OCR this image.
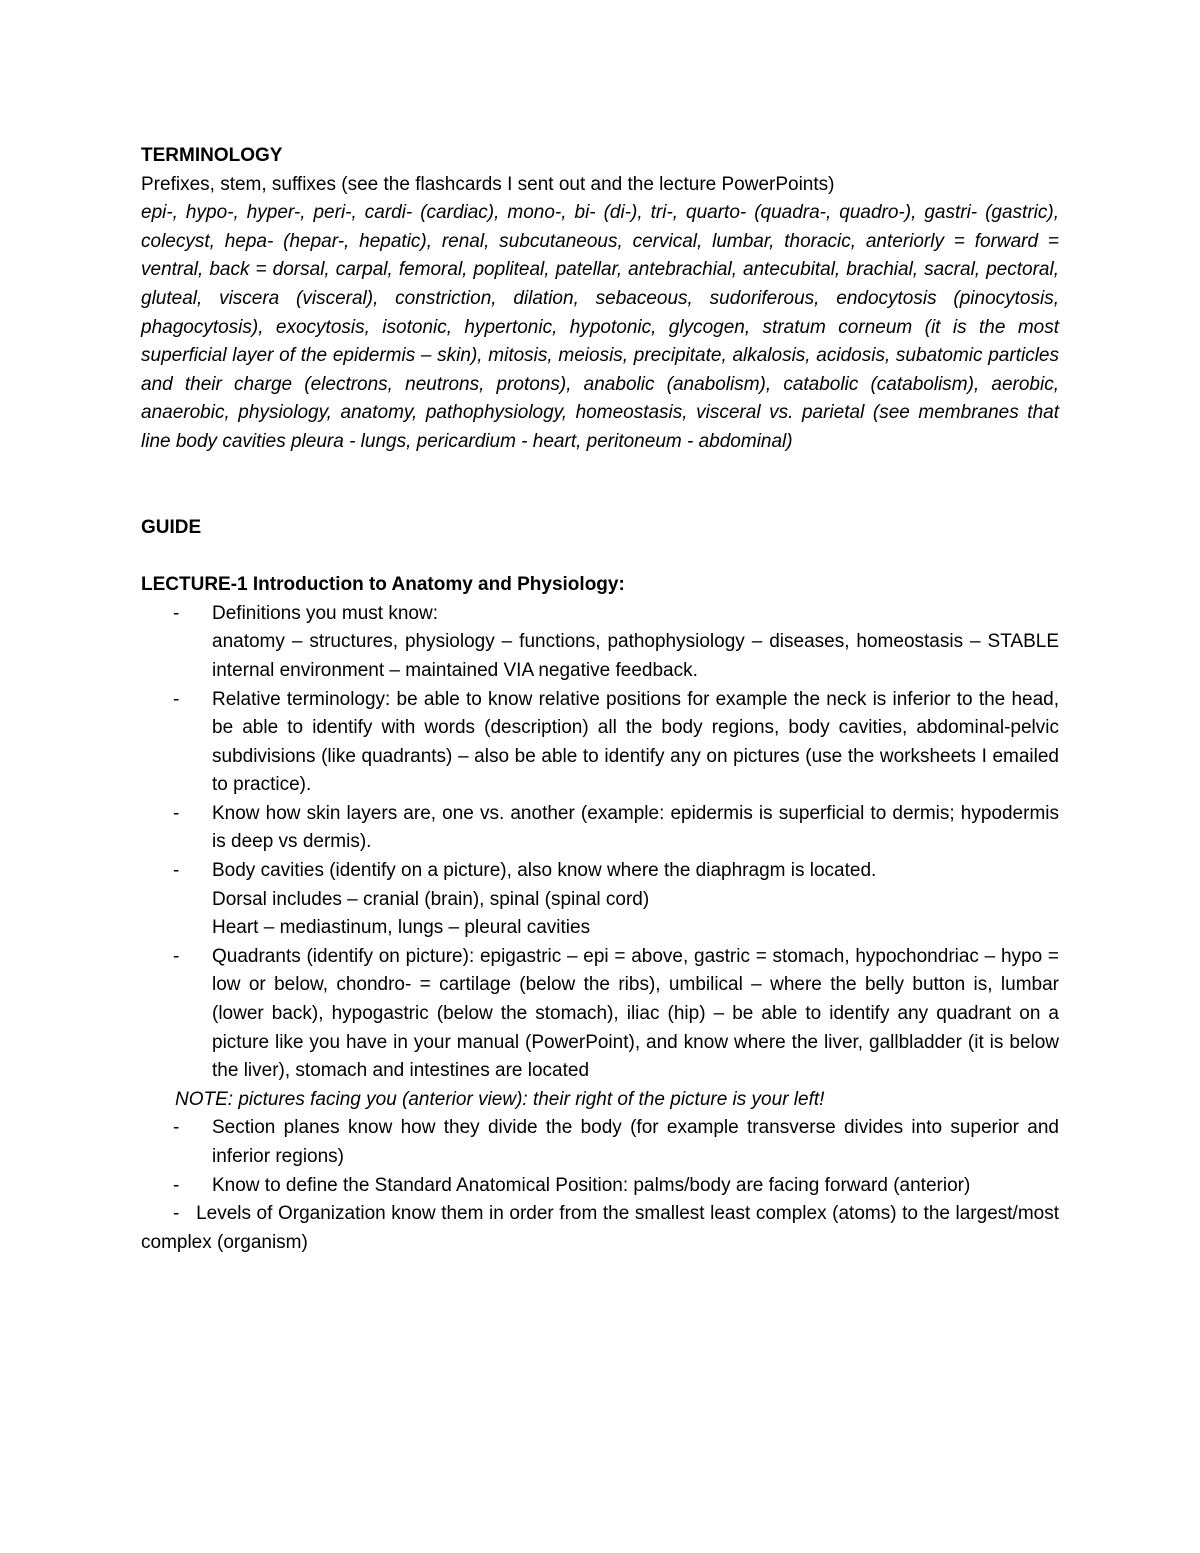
TERMINOLOGY

Prefixes, stem, suffixes (see the flashcards I sent out and the lecture PowerPoints)

epi-, hypo-, hyper-, peri-, cardi- (cardiac), mono-, bi- (di-), tri-, quarto- (quadra-, quadro-), gastri- (gastric), colecyst, hepa- (hepar-, hepatic), renal, subcutaneous, cervical, lumbar, thoracic, anteriorly = forward = ventral, back = dorsal, carpal, femoral, popliteal, patellar, antebrachial, antecubital, brachial, sacral, pectoral, gluteal, viscera (visceral), constriction, dilation, sebaceous, sudoriferous, endocytosis (pinocytosis, phagocytosis), exocytosis, isotonic, hypertonic, hypotonic, glycogen, stratum corneum (it is the most superficial layer of the epidermis – skin), mitosis, meiosis, precipitate, alkalosis, acidosis, subatomic particles and their charge (electrons, neutrons, protons), anabolic (anabolism), catabolic (catabolism), aerobic, anaerobic, physiology, anatomy, pathophysiology, homeostasis, visceral vs. parietal (see membranes that line body cavities pleura - lungs, pericardium - heart, peritoneum - abdominal)

GUIDE

LECTURE-1 Introduction to Anatomy and Physiology:

- Definitions you must know:
anatomy – structures, physiology – functions, pathophysiology – diseases, homeostasis – STABLE internal environment – maintained VIA negative feedback.
- Relative terminology: be able to know relative positions for example the neck is inferior to the head, be able to identify with words (description) all the body regions, body cavities, abdominal-pelvic subdivisions (like quadrants) – also be able to identify any on pictures (use the worksheets I emailed to practice).
- Know how skin layers are, one vs. another (example: epidermis is superficial to dermis; hypodermis is deep vs dermis).
- Body cavities (identify on a picture), also know where the diaphragm is located.
Dorsal includes – cranial (brain), spinal (spinal cord)
Heart – mediastinum, lungs – pleural cavities
- Quadrants (identify on picture): epigastric – epi = above, gastric = stomach, hypochondriac – hypo = low or below, chondro- = cartilage (below the ribs), umbilical – where the belly button is, lumbar (lower back), hypogastric (below the stomach), iliac (hip) – be able to identify any quadrant on a picture like you have in your manual (PowerPoint), and know where the liver, gallbladder (it is below the liver), stomach and intestines are located

NOTE: pictures facing you (anterior view): their right of the picture is your left!

- Section planes know how they divide the body (for example transverse divides into superior and inferior regions)
- Know to define the Standard Anatomical Position: palms/body are facing forward (anterior)

- Levels of Organization know them in order from the smallest least complex (atoms) to the largest/most complex (organism)
